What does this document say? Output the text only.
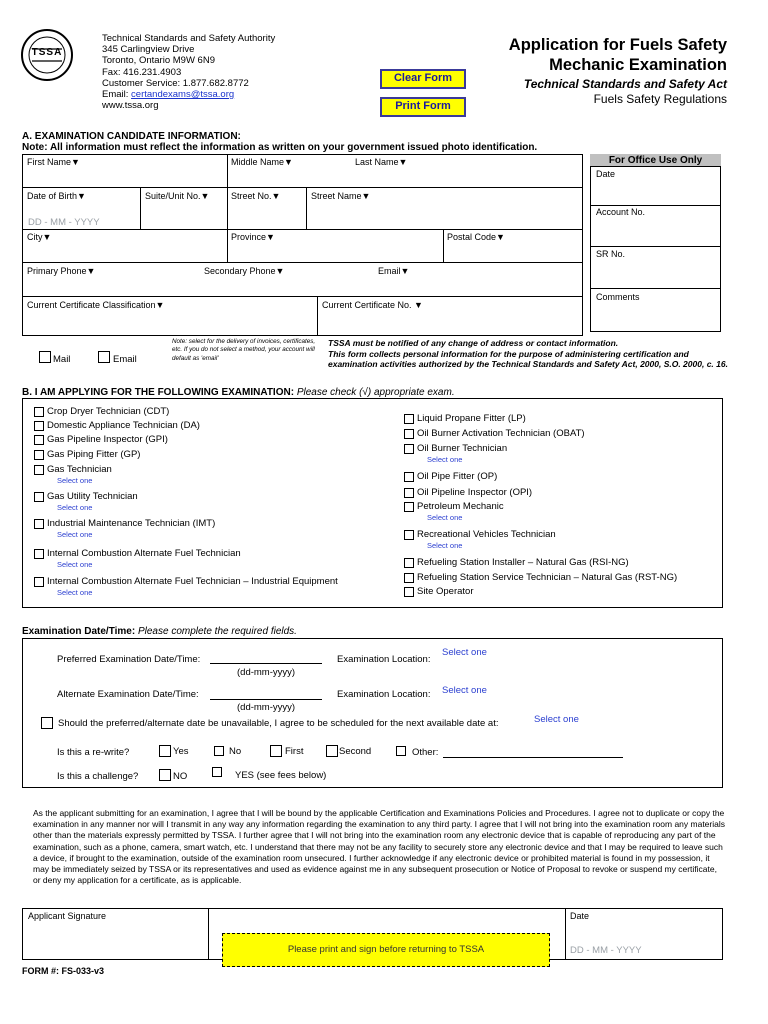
TSSA
Technical Standards and Safety Authority
345 Carlingview Drive
Toronto, Ontario M9W 6N9
Fax: 416.231.4903
Customer Service: 1.877.682.8772
Email: certandexams@tssa.org
www.tssa.org
Clear Form
Print Form
Application for Fuels Safety
Mechanic Examination
Technical Standards and Safety Act
Fuels Safety Regulations
A. EXAMINATION CANDIDATE INFORMATION:
Note: All information must reflect the information as written on your government issued photo identification.
First Name▼	Middle Name▼	Last Name▼
Date of Birth▼	Suite/Unit No.▼ Street No.▼	Street Name▼
DD - MM - YYYY
City▼	Province▼	Postal Code▼
Primary Phone▼	Secondary Phone▼	Email▼
Current Certificate Classification▼	Current Certificate No. ▼
Note: select for the delivery of invoices, certificates, etc. If you do not select a method, your account will default as 'email'
Mail	Email
TSSA must be notified of any change of address or contact information.
This form collects personal information for the purpose of administering certification and
examination activities authorized by the Technical Standards and Safety Act, 2000, S.O. 2000, c. 16.
For Office Use Only
Date
Account No.
SR No.
Comments
B. I AM APPLYING FOR THE FOLLOWING EXAMINATION: Please check (√) appropriate exam.
Crop Dryer Technician (CDT)
Domestic Appliance Technician (DA)
Gas Pipeline Inspector (GPI)
Gas Piping Fitter (GP)
Gas Technician
Select one
Gas Utility Technician
Select one
Industrial Maintenance Technician (IMT)
Select one
Internal Combustion Alternate Fuel Technician
Select one
Internal Combustion Alternate Fuel Technician – Industrial Equipment
Select one
Liquid Propane Fitter (LP)
Oil Burner Activation Technician (OBAT)
Oil Burner Technician
Select one
Oil Pipe Fitter (OP)
Oil Pipeline Inspector (OPI)
Petroleum Mechanic
Select one
Recreational Vehicles Technician
Select one
Refueling Station Installer – Natural Gas (RSI-NG)
Refueling Station Service Technician – Natural Gas (RST-NG)
Site Operator
Examination Date/Time: Please complete the required fields.
Preferred Examination Date/Time:
(dd-mm-yyyy)
Examination Location:
Select one
Alternate Examination Date/Time:
(dd-mm-yyyy)
Examination Location: Select one
Should the preferred/alternate date be unavailable, I agree to be scheduled for the next available date at:	Select one
Is this a re-write?	Yes	No	First	Second	Other:
Is this a challenge?	NO	YES (see fees below)
As the applicant submitting for an examination, I agree that I will be bound by the applicable Certification and Examinations Policies and Procedures. I agree not to duplicate or copy the examination in any manner nor will I transmit in any way any information regarding the examination to any third party. I agree that I will not bring into the examination room any materials other than the materials expressly permitted by TSSA. I further agree that I will not bring into the examination room any electronic device that is capable of reproducing any part of the examination, such as a phone, camera, smart watch, etc. I understand that there may not be any facility to securely store any electronic device and that I may be required to leave such a device, if brought to the examination, outside of the examination room unsecured. I further acknowledge if any electronic device or prohibited material is found in my possession, it may be immediately seized by TSSA or its representatives and used as evidence against me in any subsequent prosecution or Notice of Proposal to revoke or suspend my certificate, or deny my application for a certificate, as is applicable.
Applicant Signature	Date
DD - MM - YYYY
Please print and sign before returning to TSSA
FORM #: FS-033-v3
